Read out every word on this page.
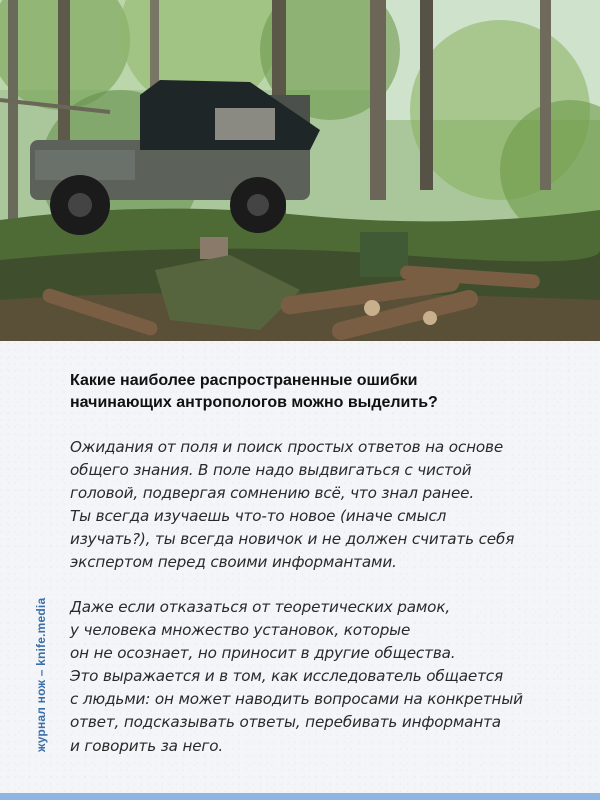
Какие наиболее распространенные ошибки
начинающих антропологов можно выделить?
Ожидания от поля и поиск простых ответов на основе
общего знания. В поле надо выдвигаться с чистой
головой, подвергая сомнению всё, что знал ранее.
Ты всегда изучаешь что-то новое (иначе смысл
изучать?), ты всегда новичок и не должен считать себя
экспертом перед своими информантами.
Даже если отказаться от теоретических рамок,
у человека множество установок, которые
он не осознает, но приносит в другие общества.
Это выражается и в том, как исследователь общается
с людьми: он может наводить вопросами на конкретный
ответ, подсказывать ответы, перебивать информанта
и говорить за него.
журнал нож – knife.media
